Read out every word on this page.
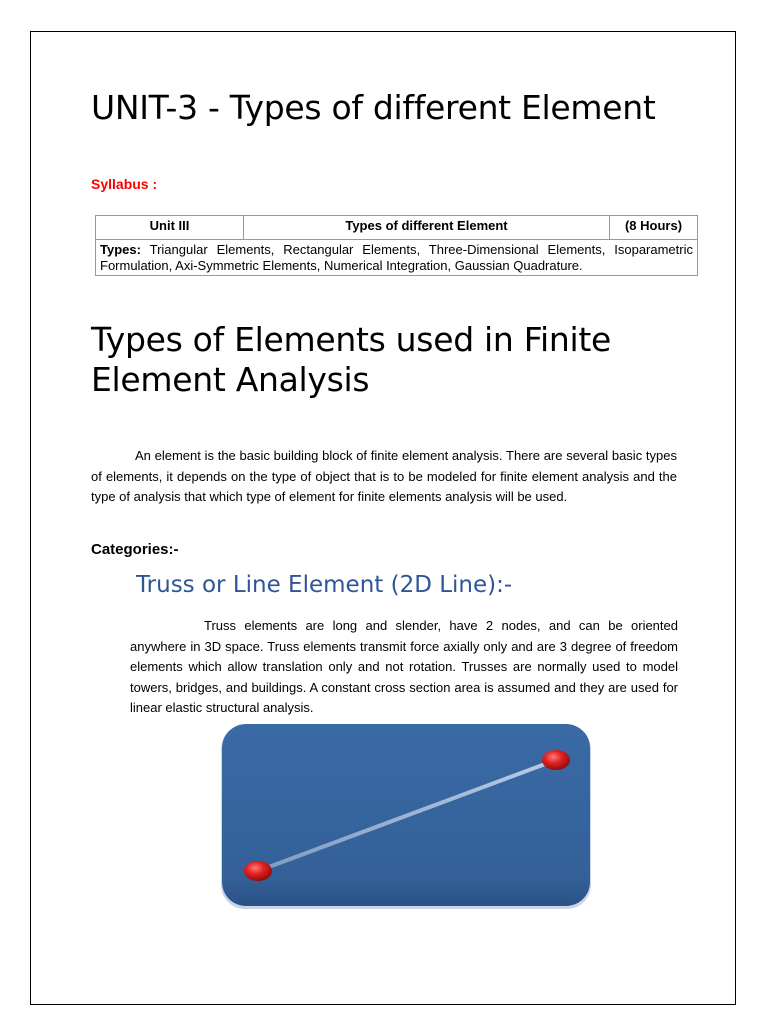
UNIT-3 - Types of different Element
Syllabus :
Unit III	Types of different Element	(8 Hours)
Types: Triangular Elements, Rectangular Elements, Three-Dimensional Elements, Isoparametric Formulation, Axi-Symmetric Elements, Numerical Integration, Gaussian Quadrature.
Types of Elements used in Finite Element Analysis

An element is the basic building block of finite element analysis. There are several basic types of elements, it depends on the type of object that is to be modeled for finite element analysis and the type of analysis that which type of element for finite elements analysis will be used.

Categories:-
Truss or Line Element (2D Line):-

Truss elements are long and slender, have 2 nodes, and can be oriented anywhere in 3D space. Truss elements transmit force axially only and are 3 degree of freedom elements which allow translation only and not rotation. Trusses are normally used to model towers, bridges, and buildings. A constant cross section area is assumed and they are used for linear elastic structural analysis.
